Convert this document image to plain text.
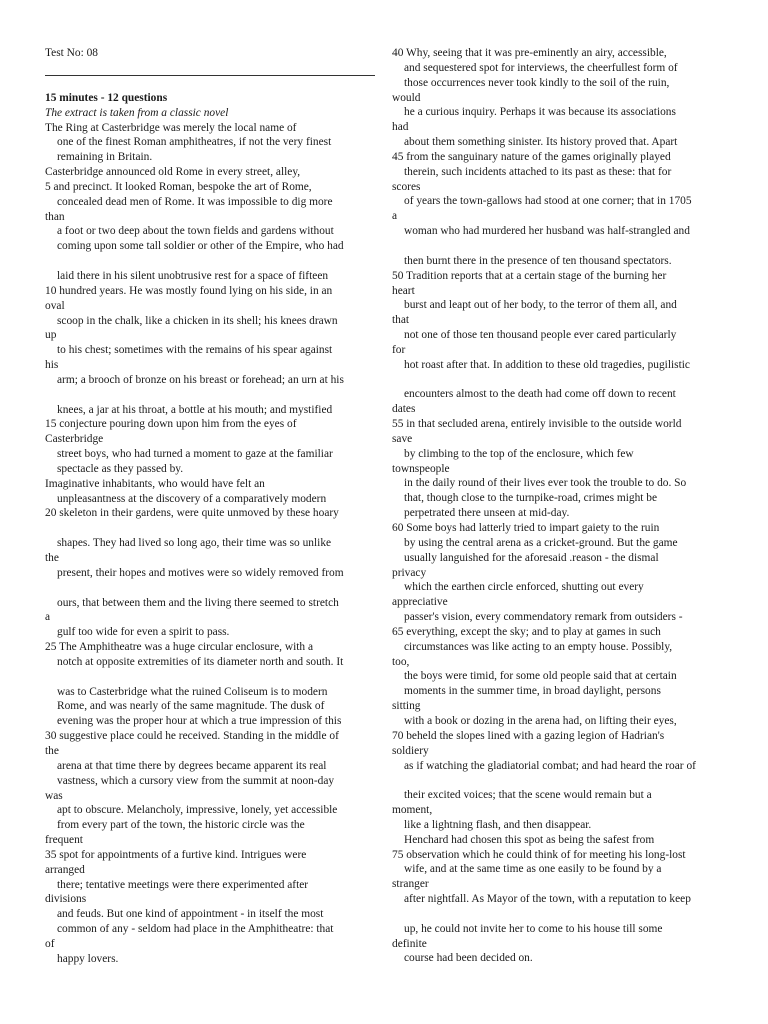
Test No: 08
15 minutes - 12 questions
The extract is taken from a classic novel
The Ring at Casterbridge was merely the local name of
one of the finest Roman amphitheatres, if not the very finest
remaining in Britain.
Casterbridge announced old Rome in every street, alley,
5 and precinct. It looked Roman, bespoke the art of Rome,
concealed dead men of Rome. It was impossible to dig more
than
a foot or two deep about the town fields and gardens without
coming upon some tall soldier or other of the Empire, who had
laid there in his silent unobtrusive rest for a space of fifteen
10 hundred years. He was mostly found lying on his side, in an
oval
scoop in the chalk, like a chicken in its shell; his knees drawn
up
to his chest; sometimes with the remains of his spear against
his
arm; a brooch of bronze on his breast or forehead; an urn at his
knees, a jar at his throat, a bottle at his mouth; and mystified
15 conjecture pouring down upon him from the eyes of
Casterbridge
street boys, who had turned a moment to gaze at the familiar
spectacle as they passed by.
Imaginative inhabitants, who would have felt an
unpleasantness at the discovery of a comparatively modern
20 skeleton in their gardens, were quite unmoved by these hoary
shapes. They had lived so long ago, their time was so unlike
the
present, their hopes and motives were so widely removed from
ours, that between them and the living there seemed to stretch
a
gulf too wide for even a spirit to pass.
25 The Amphitheatre was a huge circular enclosure, with a
notch at opposite extremities of its diameter north and south. It
was to Casterbridge what the ruined Coliseum is to modern
Rome, and was nearly of the same magnitude. The dusk of
evening was the proper hour at which a true impression of this
30 suggestive place could he received. Standing in the middle of
the
arena at that time there by degrees became apparent its real
vastness, which a cursory view from the summit at noon-day
was
apt to obscure. Melancholy, impressive, lonely, yet accessible
from every part of the town, the historic circle was the
frequent
35 spot for appointments of a furtive kind. Intrigues were
arranged
there; tentative meetings were there experimented after
divisions
and feuds. But one kind of appointment - in itself the most
common of any - seldom had place in the Amphitheatre: that
of
happy lovers.
40 Why, seeing that it was pre-eminently an airy, accessible,
and sequestered spot for interviews, the cheerfullest form of
those occurrences never took kindly to the soil of the ruin,
would
he a curious inquiry. Perhaps it was because its associations
had
about them something sinister. Its history proved that. Apart
45 from the sanguinary nature of the games originally played
therein, such incidents attached to its past as these: that for
scores
of years the town-gallows had stood at one corner; that in 1705
a
woman who had murdered her husband was half-strangled and
then burnt there in the presence of ten thousand spectators.
50 Tradition reports that at a certain stage of the burning her
heart
burst and leapt out of her body, to the terror of them all, and
that
not one of those ten thousand people ever cared particularly
for
hot roast after that. In addition to these old tragedies, pugilistic
encounters almost to the death had come off down to recent
dates
55 in that secluded arena, entirely invisible to the outside world
save
by climbing to the top of the enclosure, which few
townspeople
in the daily round of their lives ever took the trouble to do. So
that, though close to the turnpike-road, crimes might be
perpetrated there unseen at mid-day.
60 Some boys had latterly tried to impart gaiety to the ruin
by using the central arena as a cricket-ground. But the game
usually languished for the aforesaid .reason - the dismal
privacy
which the earthen circle enforced, shutting out every
appreciative
passer's vision, every commendatory remark from outsiders -
65 everything, except the sky; and to play at games in such
circumstances was like acting to an empty house. Possibly,
too,
the boys were timid, for some old people said that at certain
moments in the summer time, in broad daylight, persons
sitting
with a book or dozing in the arena had, on lifting their eyes,
70 beheld the slopes lined with a gazing legion of Hadrian's
soldiery
as if watching the gladiatorial combat; and had heard the roar of
their excited voices; that the scene would remain but a
moment,
like a lightning flash, and then disappear.
Henchard had chosen this spot as being the safest from
75 observation which he could think of for meeting his long-lost
wife, and at the same time as one easily to be found by a
stranger
after nightfall. As Mayor of the town, with a reputation to keep
up, he could not invite her to come to his house till some
definite
course had been decided on.
